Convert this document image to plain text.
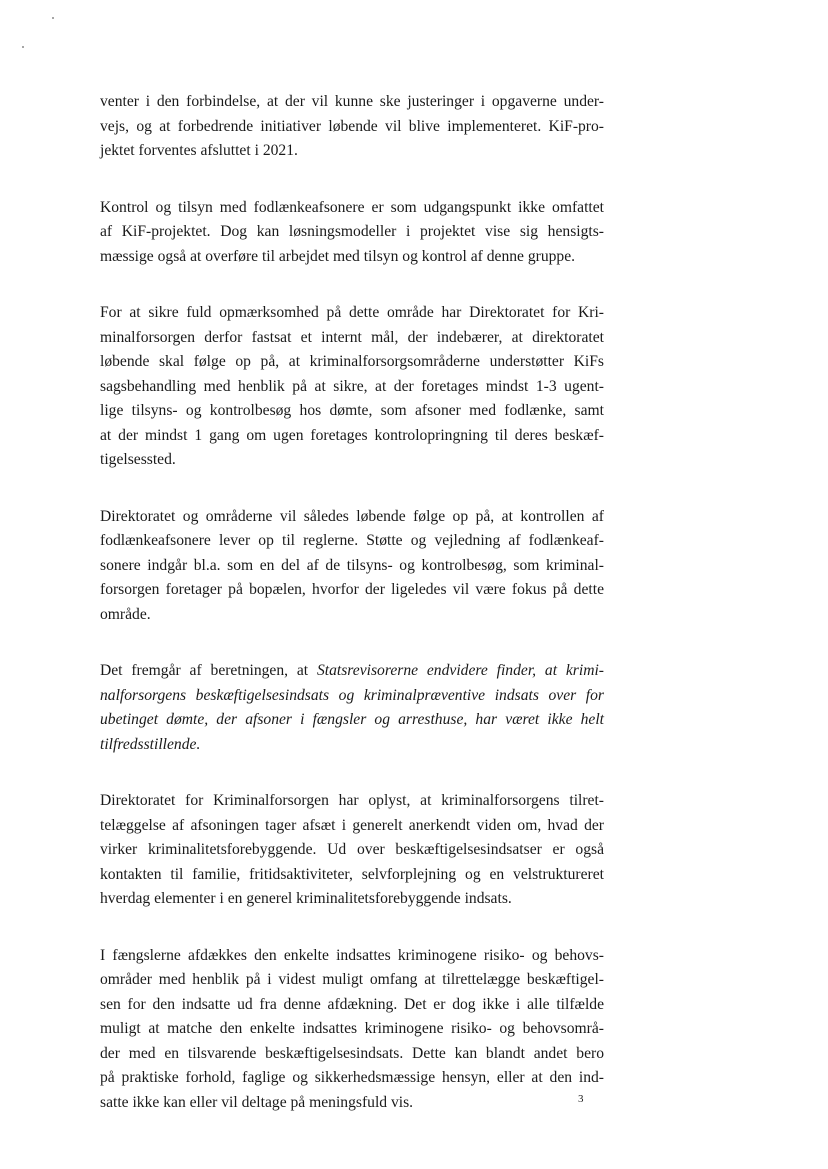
venter i den forbindelse, at der vil kunne ske justeringer i opgaverne under-
vejs, og at forbedrende initiativer løbende vil blive implementeret. KiF-pro-
jektet forventes afsluttet i 2021.

Kontrol og tilsyn med fodlænkeafsonere er som udgangspunkt ikke omfattet
af KiF-projektet. Dog kan løsningsmodeller i projektet vise sig hensigts-
mæssige også at overføre til arbejdet med tilsyn og kontrol af denne gruppe.

For at sikre fuld opmærksomhed på dette område har Direktoratet for Kri-
minalforsorgen derfor fastsat et internt mål, der indebærer, at direktoratet
løbende skal følge op på, at kriminalforsorgsområderne understøtter KiFs
sagsbehandling med henblik på at sikre, at der foretages mindst 1-3 ugent-
lige tilsyns- og kontrolbesøg hos dømte, som afsoner med fodlænke, samt
at der mindst 1 gang om ugen foretages kontrolopringning til deres beskæf-
tigelsessted.

Direktoratet og områderne vil således løbende følge op på, at kontrollen af
fodlænkeafsonere lever op til reglerne. Støtte og vejledning af fodlænkeaf-
sonere indgår bl.a. som en del af de tilsyns- og kontrolbesøg, som kriminal-
forsorgen foretager på bopælen, hvorfor der ligeledes vil være fokus på dette
område.

Det fremgår af beretningen, at Statsrevisorerne endvidere finder, at krimi-
nalforsorgens beskæftigelsesindsats og kriminalpræventive indsats over for
ubetinget dømte, der afsoner i fængsler og arresthuse, har været ikke helt
tilfredsstillende.

Direktoratet for Kriminalforsorgen har oplyst, at kriminalforsorgens tilret-
telæggelse af afsoningen tager afsæt i generelt anerkendt viden om, hvad der
virker kriminalitetsforebyggende. Ud over beskæftigelsesindsatser er også
kontakten til familie, fritidsaktiviteter, selvforplejning og en velstruktureret
hverdag elementer i en generel kriminalitetsforebyggende indsats.

I fængslerne afdækkes den enkelte indsattes kriminogene risiko- og behovs-
områder med henblik på i videst muligt omfang at tilrettelægge beskæftigel-
sen for den indsatte ud fra denne afdækning. Det er dog ikke i alle tilfælde
muligt at matche den enkelte indsattes kriminogene risiko- og behovsområ-
der med en tilsvarende beskæftigelsesindsats. Dette kan blandt andet bero
på praktiske forhold, faglige og sikkerhedsmæssige hensyn, eller at den ind-
satte ikke kan eller vil deltage på meningsfuld vis.	3
